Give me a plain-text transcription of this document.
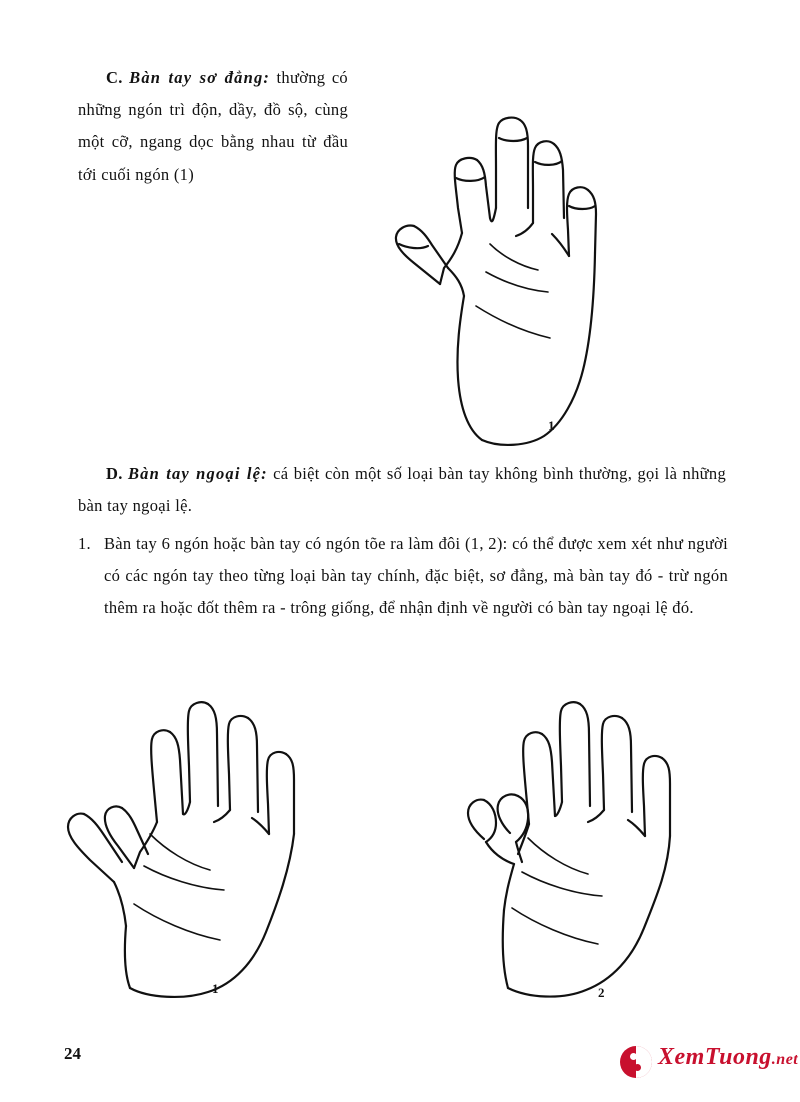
C. Bàn tay sơ đẳng: thường có những ngón trì độn, dầy, đồ sộ, cùng một cỡ, ngang dọc bằng nhau từ đầu tới cuối ngón (1)
1
D. Bàn tay ngoại lệ: cá biệt còn một số loại bàn tay không bình thường, gọi là những bàn tay ngoại lệ.
1. Bàn tay 6 ngón hoặc bàn tay có ngón tõe ra làm đôi (1, 2): có thể được xem xét như người có các ngón tay theo từng loại bàn tay chính, đặc biệt, sơ đẳng, mà bàn tay đó - trừ ngón thêm ra hoặc đốt thêm ra - trông giống, để nhận định về người có bàn tay ngoại lệ đó.
1	2
24	XemTuong.net
